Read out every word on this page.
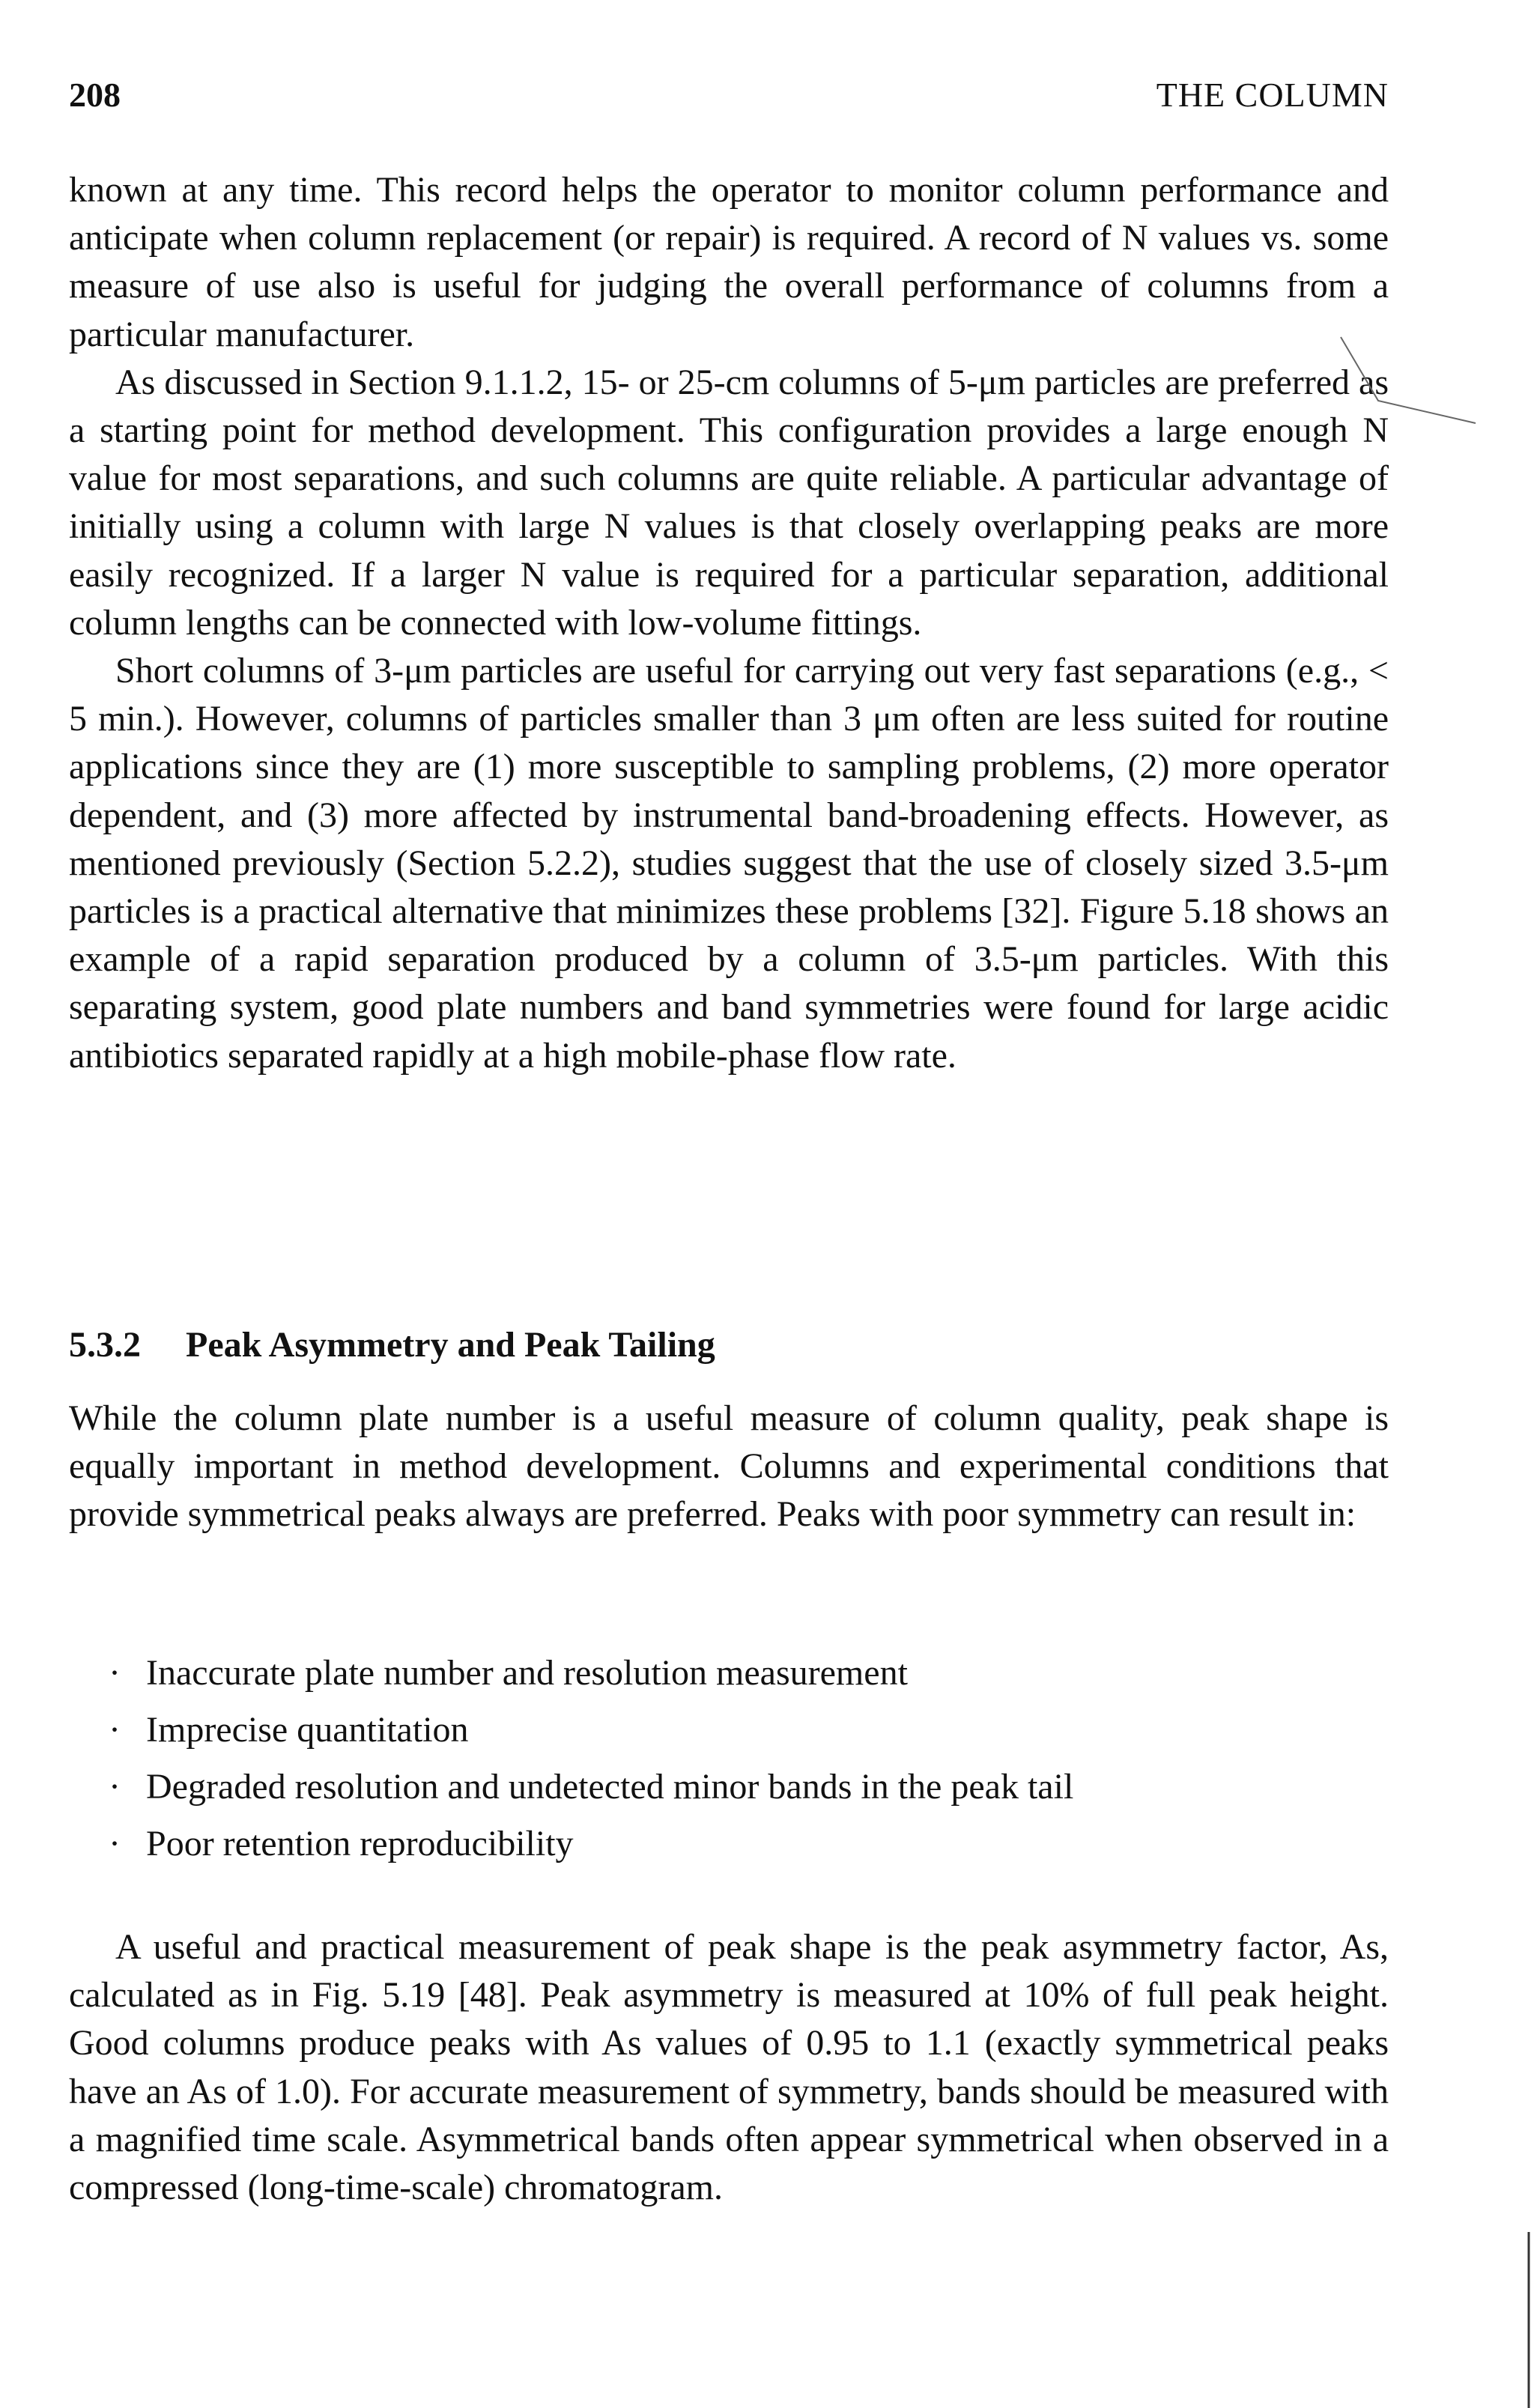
208	THE COLUMN

known at any time. This record helps the operator to monitor column performance and anticipate when column replacement (or repair) is required. A record of N values vs. some measure of use also is useful for judging the overall performance of columns from a particular manufacturer.

As discussed in Section 9.1.1.2, 15- or 25-cm columns of 5-μm particles are preferred as a starting point for method development. This configuration provides a large enough N value for most separations, and such columns are quite reliable. A particular advantage of initially using a column with large N values is that closely overlapping peaks are more easily recognized. If a larger N value is required for a particular separation, additional column lengths can be connected with low-volume fittings.

Short columns of 3-μm particles are useful for carrying out very fast separations (e.g., < 5 min.). However, columns of particles smaller than 3 μm often are less suited for routine applications since they are (1) more susceptible to sampling problems, (2) more operator dependent, and (3) more affected by instrumental band-broadening effects. However, as mentioned previously (Section 5.2.2), studies suggest that the use of closely sized 3.5-μm particles is a practical alternative that minimizes these problems [32]. Figure 5.18 shows an example of a rapid separation produced by a column of 3.5-μm particles. With this separating system, good plate numbers and band symmetries were found for large acidic antibiotics separated rapidly at a high mobile-phase flow rate.

5.3.2 Peak Asymmetry and Peak Tailing

While the column plate number is a useful measure of column quality, peak shape is equally important in method development. Columns and experimental conditions that provide symmetrical peaks always are preferred. Peaks with poor symmetry can result in:

· Inaccurate plate number and resolution measurement
· Imprecise quantitation
· Degraded resolution and undetected minor bands in the peak tail
· Poor retention reproducibility

A useful and practical measurement of peak shape is the peak asymmetry factor, As, calculated as in Fig. 5.19 [48]. Peak asymmetry is measured at 10% of full peak height. Good columns produce peaks with As values of 0.95 to 1.1 (exactly symmetrical peaks have an As of 1.0). For accurate measurement of symmetry, bands should be measured with a magnified time scale. Asymmetrical bands often appear symmetrical when observed in a compressed (long-time-scale) chromatogram.
